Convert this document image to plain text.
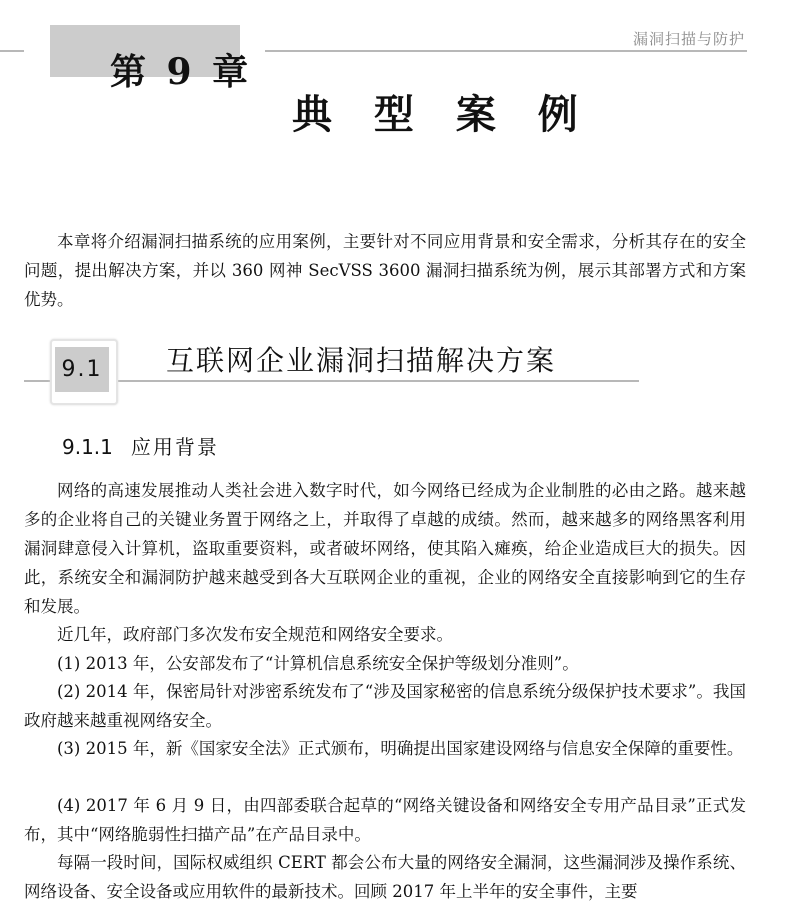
漏洞扫描与防护
第 9 章
典 型 案 例
本章将介绍漏洞扫描系统的应用案例，主要针对不同应用背景和安全需求，分析其存在的安全问题，提出解决方案，并以 360 网神 SecVSS 3600 漏洞扫描系统为例，展示其部署方式和方案优势。
9.1 互联网企业漏洞扫描解决方案
9.1.1 应用背景
网络的高速发展推动人类社会进入数字时代，如今网络已经成为企业制胜的必由之路。越来越多的企业将自己的关键业务置于网络之上，并取得了卓越的成绩。然而，越来越多的网络黑客利用漏洞肆意侵入计算机，盗取重要资料，或者破坏网络，使其陷入瘫痪，给企业造成巨大的损失。因此，系统安全和漏洞防护越来越受到各大互联网企业的重视，企业的网络安全直接影响到它的生存和发展。
近几年，政府部门多次发布安全规范和网络安全要求。
(1) 2013 年，公安部发布了“计算机信息系统安全保护等级划分准则”。
(2) 2014 年，保密局针对涉密系统发布了“涉及国家秘密的信息系统分级保护技术要求”。我国政府越来越重视网络安全。
(3) 2015 年，新《国家安全法》正式颁布，明确提出国家建设网络与信息安全保障的重要性。
(4) 2017 年 6 月 9 日，由四部委联合起草的“网络关键设备和网络安全专用产品目录”正式发布，其中“网络脆弱性扫描产品”在产品目录中。
每隔一段时间，国际权威组织 CERT 都会公布大量的网络安全漏洞，这些漏洞涉及操作系统、网络设备、安全设备或应用软件的最新技术。回顾 2017 年上半年的安全事件，主要
